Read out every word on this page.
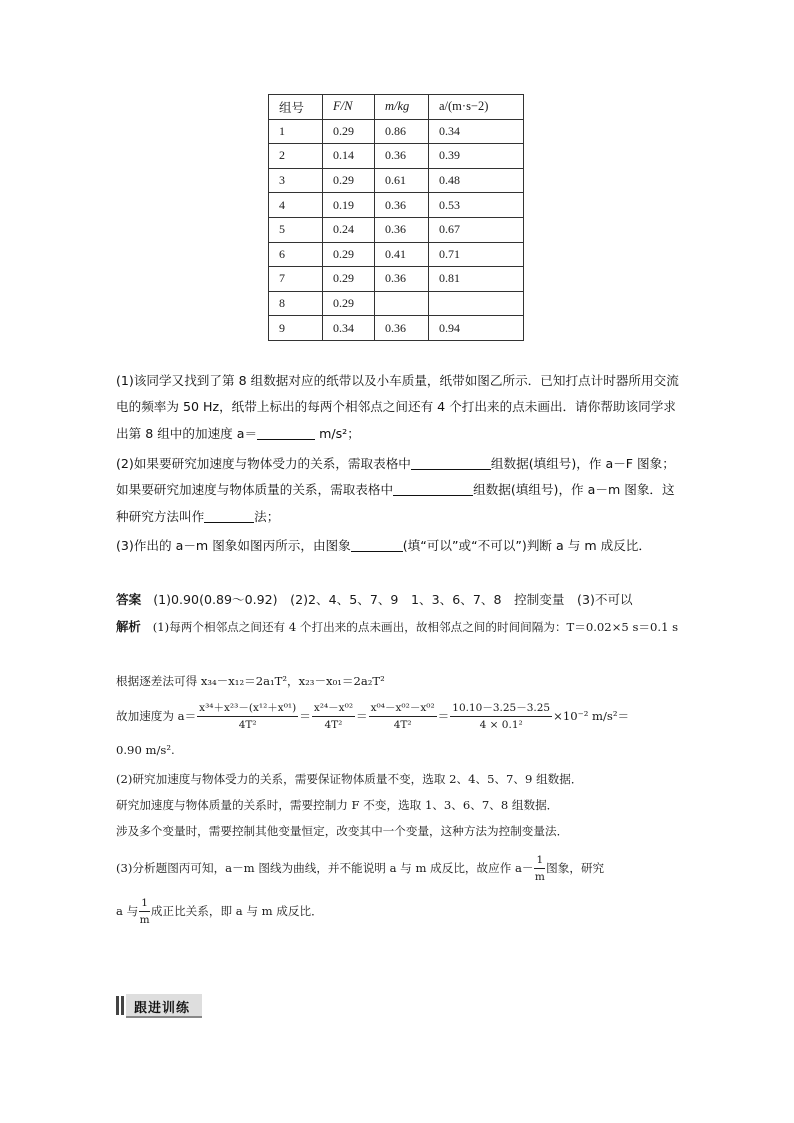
组号	F/N	m/kg	a/(m·s−2)
1	0.29	0.86	0.34
2	0.14	0.36	0.39
3	0.29	0.61	0.48
4	0.19	0.36	0.53
5	0.24	0.36	0.67
6	0.29	0.41	0.71
7	0.29	0.36	0.81
8	0.29		
9	0.34	0.36	0.94
(1)该同学又找到了第 8 组数据对应的纸带以及小车质量，纸带如图乙所示．已知打点计时器所用交流电的频率为 50 Hz，纸带上标出的每两个相邻点之间还有 4 个打出来的点未画出．请你帮助该同学求出第 8 组中的加速度 a＝	m/s²；
(2)如果要研究加速度与物体受力的关系，需取表格中	组数据(填组号)，作 a－F 图象；如果要研究加速度与物体质量的关系，需取表格中	组数据(填组号)，作 a－m 图象．这种研究方法叫作	法；
(3)作出的 a－m 图象如图丙所示，由图象	(填“可以”或“不可以”)判断 a 与 m 成反比．
答案 (1)0.90(0.89～0.92)　(2)2、4、5、7、9　1、3、6、7、8　控制变量　(3)不可以
解析 (1)每两个相邻点之间还有 4 个打出来的点未画出，故相邻点之间的时间间隔为：T＝0.02×5 s＝0.1 s
根据逐差法可得 x₃₄－x₁₂＝2a₁T²，x₂₃－x₀₁＝2a₂T²
故加速度为 $a= \frac{\text{x³⁴＋x²³－(x¹²＋x⁰¹)}}{\text{4T²}} = \frac{\text{x²⁴－x⁰²}}{\text{4T²}} = \frac{\text{x⁰⁴－x⁰²－x⁰²}}{\text{4T²}} = \frac{10.10-3.25-3.25}{\text{4 × 0.1²}} \times 10^{-2}$ m/s²＝
0.90 m/s².
(2)研究加速度与物体受力的关系，需要保证物体质量不变，选取 2、4、5、7、9 组数据．
研究加速度与物体质量的关系时，需要控制力 F 不变，选取 1、3、6、7、8 组数据．
涉及多个变量时，需要控制其他变量恒定，改变其中一个变量，这种方法为控制变量法．
(3)分析题图丙可知，a－m 图线为曲线，并不能说明 a 与 m 成反比，故应作 $a- \frac{1}{m}$ 图象，研究
a 与 $\frac{1}{m}$ 成正比关系，即 a 与 m 成反比．
跟进训练
